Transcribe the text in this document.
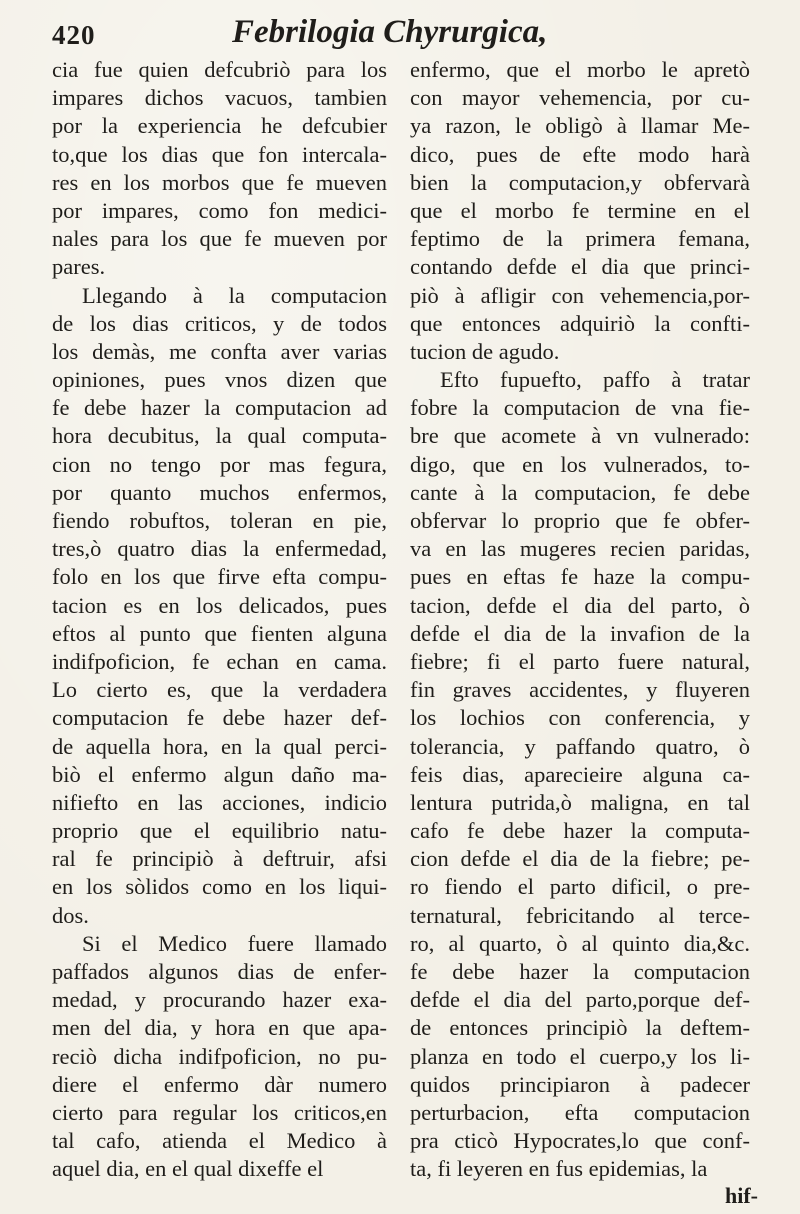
420	Febrilogia Chyrurgica,
cia fue quien defcubriò para los
impares dichos vacuos, tambien
por la experiencia he defcubier
to,que los dias que fon intercala-
res en los morbos que fe mueven
por impares, como fon medici-
nales para los que fe mueven por
pares.
Llegando à la computacion
de los dias criticos, y de todos
los demàs, me confta aver varias
opiniones, pues vnos dizen que
fe debe hazer la computacion ad
hora decubitus, la qual computa-
cion no tengo por mas fegura,
por quanto muchos enfermos,
fiendo robuftos, toleran en pie,
tres,ò quatro dias la enfermedad,
folo en los que firve efta compu-
tacion es en los delicados, pues
eftos al punto que fienten alguna
indifpoficion, fe echan en cama.
Lo cierto es, que la verdadera
computacion fe debe hazer def-
de aquella hora, en la qual perci-
biò el enfermo algun daño ma-
nifiefto en las acciones, indicio
proprio que el equilibrio natu-
ral fe principiò à deftruir, afsi
en los sòlidos como en los liqui-
dos.
Si el Medico fuere llamado
paffados algunos dias de enfer-
medad, y procurando hazer exa-
men del dia, y hora en que apa-
reciò dicha indifpoficion, no pu-
diere el enfermo dàr numero
cierto para regular los criticos,en
tal cafo, atienda el Medico à
aquel dia, en el qual dixeffe el
enfermo, que el morbo le apretò
con mayor vehemencia, por cu-
ya razon, le obligò à llamar Me-
dico, pues de efte modo harà
bien la computacion,y obfervarà
que el morbo fe termine en el
feptimo de la primera femana,
contando defde el dia que princi-
piò à afligir con vehemencia,por-
que entonces adquiriò la confti-
tucion de agudo.
Efto fupuefto, paffo à tratar
fobre la computacion de vna fie-
bre que acomete à vn vulnerado:
digo, que en los vulnerados, to-
cante à la computacion, fe debe
obfervar lo proprio que fe obfer-
va en las mugeres recien paridas,
pues en eftas fe haze la compu-
tacion, defde el dia del parto, ò
defde el dia de la invafion de la
fiebre; fi el parto fuere natural,
fin graves accidentes, y fluyeren
los lochios con conferencia, y
tolerancia, y paffando quatro, ò
feis dias, aparecieire alguna ca-
lentura putrida,ò maligna, en tal
cafo fe debe hazer la computa-
cion defde el dia de la fiebre; pe-
ro fiendo el parto dificil, o pre-
ternatural, febricitando al terce-
ro, al quarto, ò al quinto dia,&c.
fe debe hazer la computacion
defde el dia del parto,porque def-
de entonces principiò la deftem-
planza en todo el cuerpo,y los li-
quidos principiaron à padecer
perturbacion, efta computacion
pra cticò Hypocrates,lo que conf-
ta, fi leyeren en fus epidemias, la
hif-
